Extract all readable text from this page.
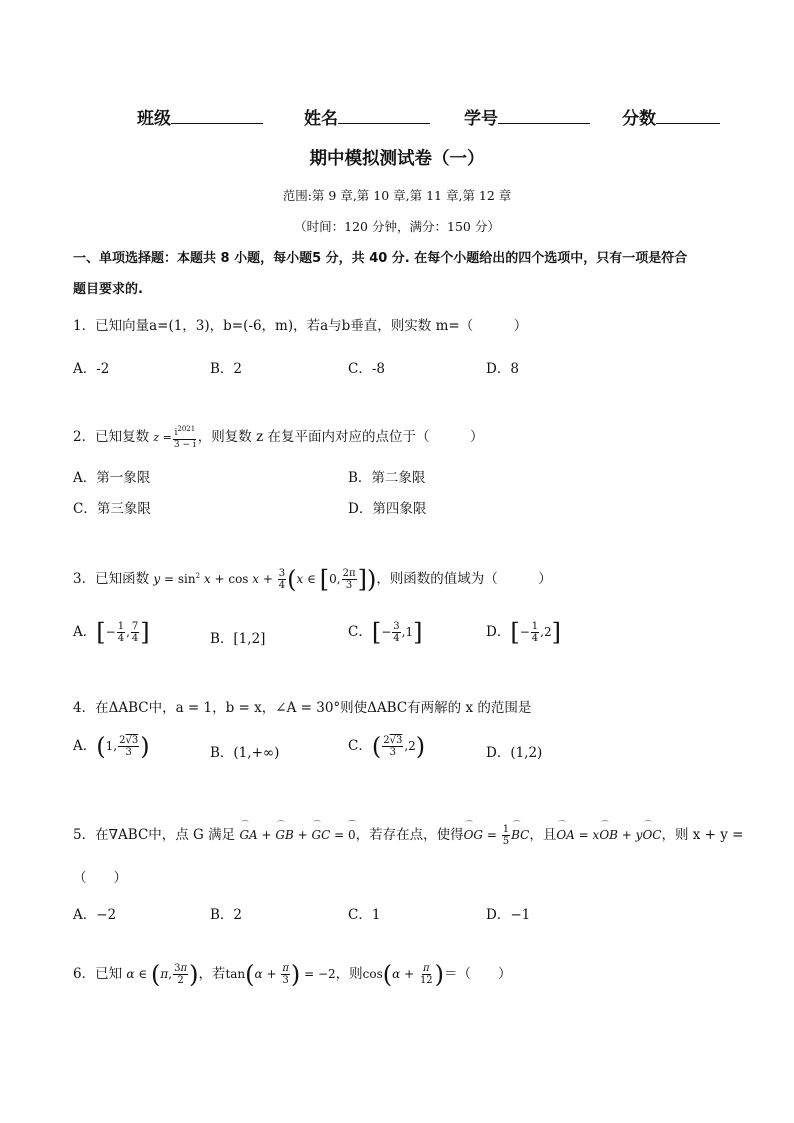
班级	姓名	学号	分数
期中模拟测试卷（一）
范围:第 9 章,第 10 章,第 11 章,第 12 章
（时间：120 分钟，满分：150 分）
一、单项选择题：本题共 8 小题，每小题5 分，共 40 分. 在每个小题给出的四个选项中，只有一项是符合
题目要求的.
1．已知向量a=(1，3)，b=(-6，m)，若a与b垂直，则实数 m=（　　　）
A．-2	B．2	C．-8	D．8
2．已知复数 $z = \frac{i^{2021}}{3 - i}$ ，则复数 z 在复平面内对应的点位于（　　　）
A．第一象限	B．第二象限
C．第三象限	D．第四象限
3．已知函数 $y = \sin^2 x + \cos x + \frac{3}{4} (x$ ∈ [0, $\frac{2\pi}{3}$ ])，则函数的值域为（　　　）
A．[− $\frac{1}{4}$ , $\frac{7}{4}$ ]	B．[1,2]	C．[− $\frac{3}{4} ,1$]	D．[− $\frac{1}{4} ,2$]
4．在ΔABC中，a = 1，b = x，∠A = 30°则使ΔABC有两解的 x 的范围是
A．(1, $\frac{2√3}{3}$ )	B．(1,+∞)	C．( $\frac{2√3}{3} ,2$)	D．(1,2)
5．在∇ABC中，点 G 满足 ⌒ GA + ⌒ GB + ⌒ GC = ⌒ 0，若存在点，使得⌒ OG = $\frac{1}{5}$ ⌒ BC，且⌒ OA = x⌒ OB + y⌒ OC，则 x + y =
（　　）
A．−2	B．2	C．1	D．−1
6．已知 α ∈ (π, $\frac{3\pi}{2}$ )，若$\tan(\alpha + \frac{\pi}{3}$ ) = −2，则$\cos(\alpha + \frac{\pi}{12}$ )＝（　　）
